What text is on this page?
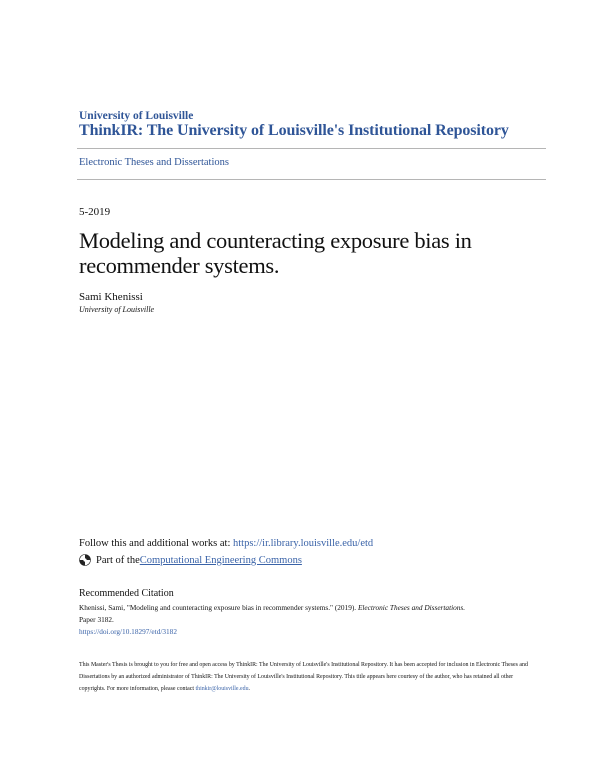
University of Louisville
ThinkIR: The University of Louisville's Institutional Repository
Electronic Theses and Dissertations
5-2019
Modeling and counteracting exposure bias in recommender systems.
Sami Khenissi
University of Louisville
Follow this and additional works at: https://ir.library.louisville.edu/etd
Part of the Computational Engineering Commons
Recommended Citation
Khenissi, Sami, "Modeling and counteracting exposure bias in recommender systems." (2019). Electronic Theses and Dissertations.
Paper 3182.
https://doi.org/10.18297/etd/3182
This Master's Thesis is brought to you for free and open access by ThinkIR: The University of Louisville's Institutional Repository. It has been accepted for inclusion in Electronic Theses and Dissertations by an authorized administrator of ThinkIR: The University of Louisville's Institutional Repository. This title appears here courtesy of the author, who has retained all other copyrights. For more information, please contact thinkir@louisville.edu.
